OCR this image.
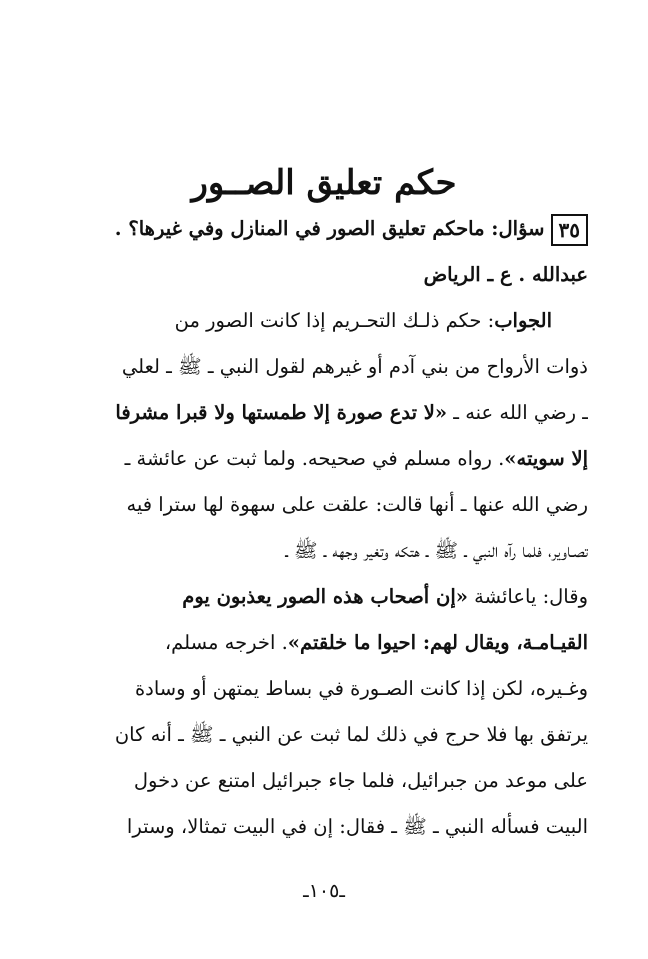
حكم تعليق الصــور
٣٥سؤال: ماحكم تعليق الصور في المنازل وفي غيرها؟ .
عبدالله . ع ـ الرياض
الجواب: حكم ذلـك التحـريم إذا كانت الصور من
ذوات الأرواح من بني آدم أو غيرهم لقول النبي ـ ﷺ ـ لعلي
ـ رضي الله عنه ـ «لا تدع صورة إلا طمستها ولا قبرا مشرفا
إلا سويته». رواه مسلم في صحيحه. ولما ثبت عن عائشة ـ
رضي الله عنها ـ أنها قالت: علقت على سهوة لها سترا فيه
تصـاوير، فلما رآه النبي ـ ﷺ ـ هتكه وتغير وجهه ـ ﷺ ـ
وقال: ياعائشة «إن أصحاب هذه الصور يعذبون يوم
القيـامـة، ويقال لهم: احيوا ما خلقتم». اخرجه مسلم،
وغـيره، لكن إذا كانت الصـورة في بساط يمتهن أو وسادة
يرتفق بها فلا حرج في ذلك لما ثبت عن النبي ـ ﷺ ـ أنه كان
على موعد من جبرائيل، فلما جاء جبرائيل امتنع عن دخول
البيت فسأله النبي ـ ﷺ ـ فقال: إن في البيت تمثالا، وسترا
ـ١٠٥ـ
